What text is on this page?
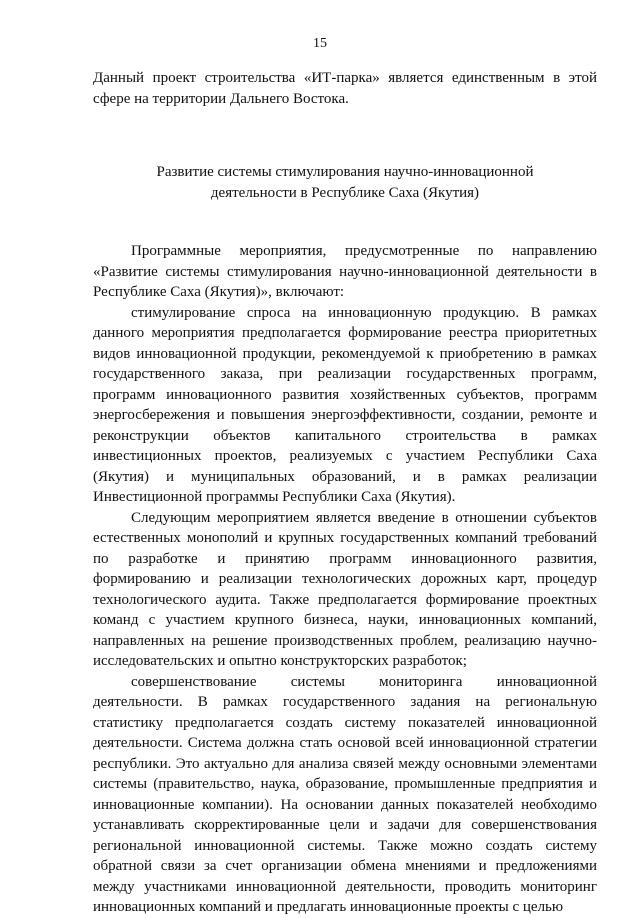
15

Данный проект строительства «ИТ-парка» является единственным в этой сфере на территории Дальнего Востока.

Развитие системы стимулирования научно-инновационной
деятельности в Республике Саха (Якутия)

Программные мероприятия, предусмотренные по направлению «Развитие системы стимулирования научно-инновационной деятельности в Республике Саха (Якутия)», включают:

стимулирование спроса на инновационную продукцию. В рамках данного мероприятия предполагается формирование реестра приоритетных видов инновационной продукции, рекомендуемой к приобретению в рамках государственного заказа, при реализации государственных программ, программ инновационного развития хозяйственных субъектов, программ энергосбережения и повышения энергоэффективности, создании, ремонте и реконструкции объектов капитального строительства в рамках инвестиционных проектов, реализуемых с участием Республики Саха (Якутия) и муниципальных образований, и в рамках реализации Инвестиционной программы Республики Саха (Якутия).

Следующим мероприятием является введение в отношении субъектов естественных монополий и крупных государственных компаний требований по разработке и принятию программ инновационного развития, формированию и реализации технологических дорожных карт, процедур технологического аудита. Также предполагается формирование проектных команд с участием крупного бизнеса, науки, инновационных компаний, направленных на решение производственных проблем, реализацию научно-исследовательских и опытно конструкторских разработок;

совершенствование системы мониторинга инновационной деятельности. В рамках государственного задания на региональную статистику предполагается создать систему показателей инновационной деятельности. Система должна стать основой всей инновационной стратегии республики. Это актуально для анализа связей между основными элементами системы (правительство, наука, образование, промышленные предприятия и инновационные компании). На основании данных показателей необходимо устанавливать скорректированные цели и задачи для совершенствования региональной инновационной системы. Также можно создать систему обратной связи за счет организации обмена мнениями и предложениями между участниками инновационной деятельности, проводить мониторинг инновационных компаний и предлагать инновационные проекты с целью
